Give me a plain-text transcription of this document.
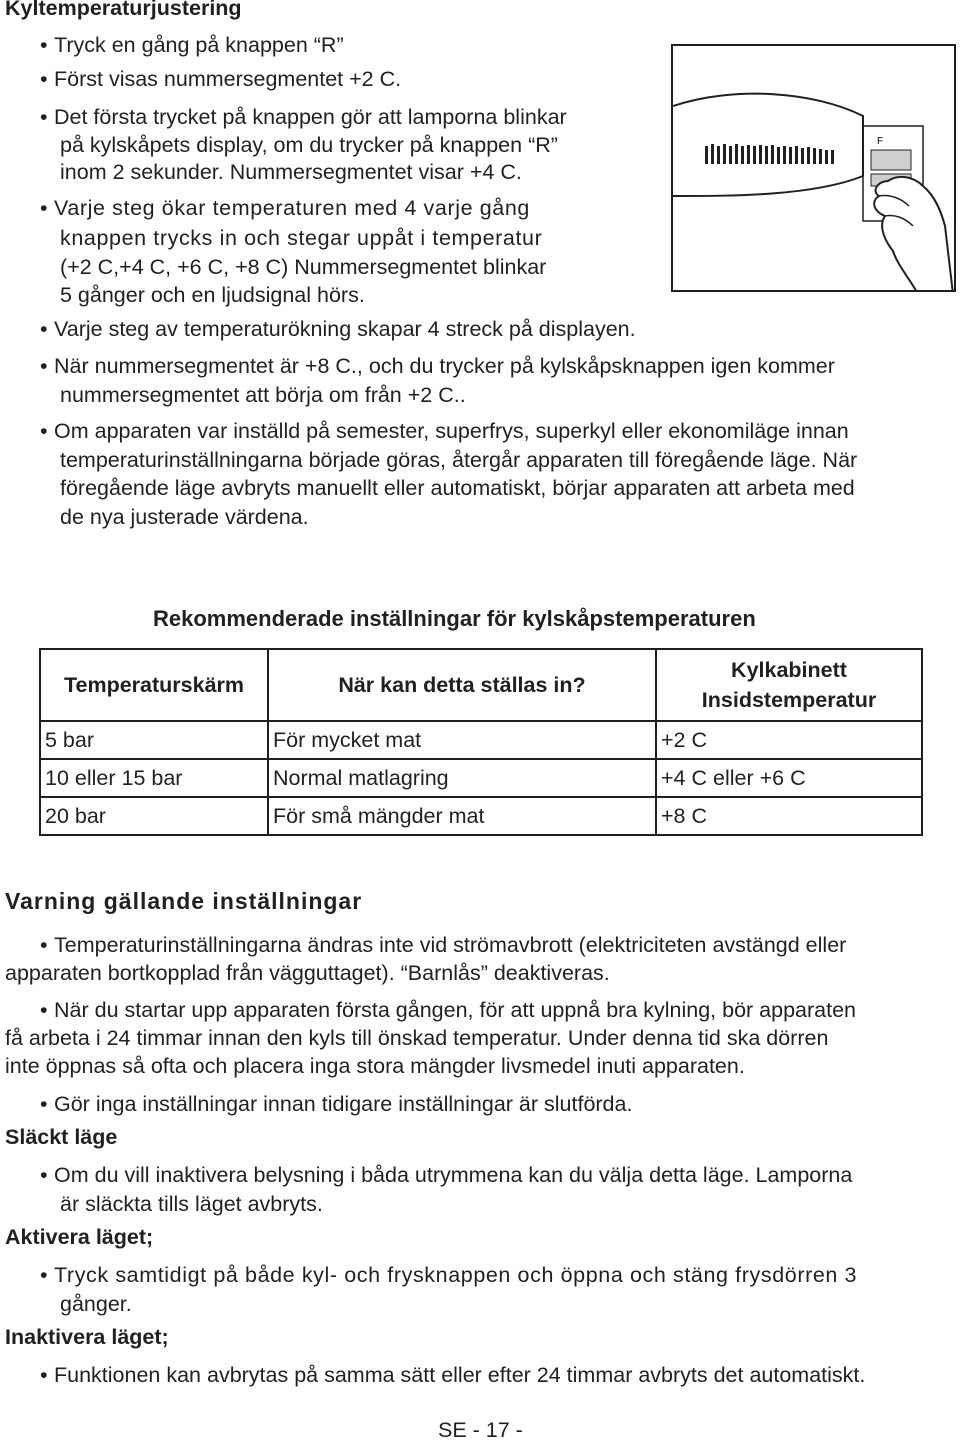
Kyltemperaturjustering
• Tryck en gång på knappen “R”
• Först visas nummersegmentet +2 C.
• Det första trycket på knappen gör att lamporna blinkar
på kylskåpets display, om du trycker på knappen “R”
inom 2 sekunder. Nummersegmentet visar +4 C.
• Varje steg ökar temperaturen med 4 varje gång
knappen trycks in och stegar uppåt i temperatur
(+2 C,+4 C, +6 C, +8 C) Nummersegmentet blinkar
5 gånger och en ljudsignal hörs.
• Varje steg av temperaturökning skapar 4 streck på displayen.
• När nummersegmentet är +8 C., och du trycker på kylskåpsknappen igen kommer
nummersegmentet att börja om från +2 C..
• Om apparaten var inställd på semester, superfrys, superkyl eller ekonomiläge innan
temperaturinställningarna började göras, återgår apparaten till föregående läge. När
föregående läge avbryts manuellt eller automatiskt, börjar apparaten att arbeta med
de nya justerade värdena.
F
Rekommenderade inställningar för kylskåpstemperaturen
Temperaturskärm	När kan detta ställas in?	Kylkabinett
Insidstemperatur

5 bar	För mycket mat	+2 C
10 eller 15 bar	Normal matlagring	+4 C eller +6 C
20 bar	För små mängder mat	+8 C
Varning gällande inställningar
• Temperaturinställningarna ändras inte vid strömavbrott (elektriciteten avstängd eller
apparaten bortkopplad från vägguttaget). “Barnlås” deaktiveras.
• När du startar upp apparaten första gången, för att uppnå bra kylning, bör apparaten
få arbeta i 24 timmar innan den kyls till önskad temperatur. Under denna tid ska dörren
inte öppnas så ofta och placera inga stora mängder livsmedel inuti apparaten.
• Gör inga inställningar innan tidigare inställningar är slutförda.
Släckt läge
• Om du vill inaktivera belysning i båda utrymmena kan du välja detta läge. Lamporna
är släckta tills läget avbryts.
Aktivera läget;
• Tryck samtidigt på både kyl- och frysknappen och öppna och stäng frysdörren 3
gånger.
Inaktivera läget;
• Funktionen kan avbrytas på samma sätt eller efter 24 timmar avbryts det automatiskt.
SE - 17 -
